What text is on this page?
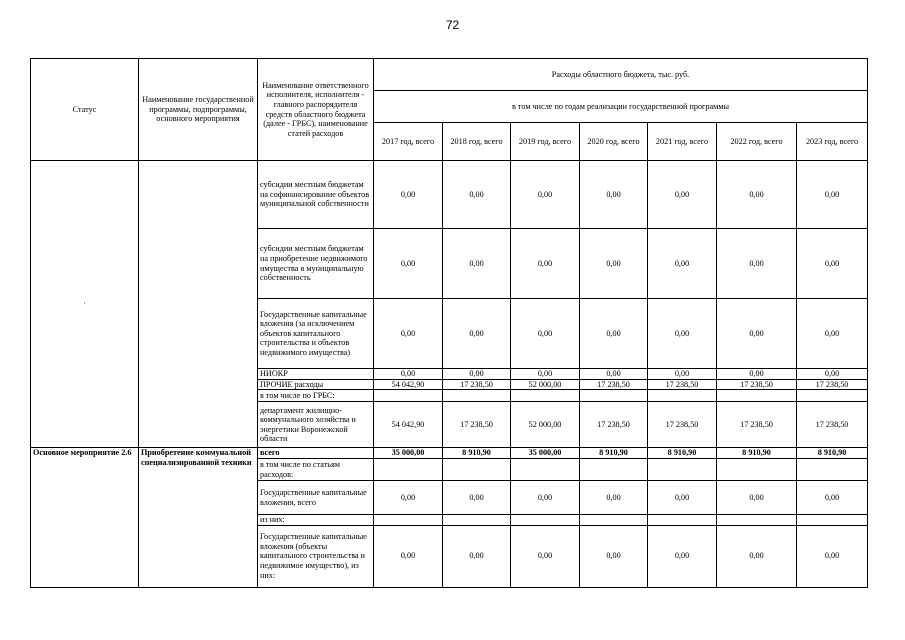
72
Статус	Наименование государственной программы, подпрограммы, основного мероприятия	Наименование ответственного исполнителя, исполнителя - главного распорядителя средств областного бюджета (далее - ГРБС), наименование статей расходов	Расходы областного бюджета, тыс. руб.						
			в том числе по годам реализации государственной программы						
			2017 год, всего	2018 год, всего	2019 год, всего	2020 год, всего	2021 год, всего	2022 год, всего	2023 год, всего
·		субсидии местным бюджетам на софинансирование объектов муниципальной собственности	0,00	0,00	0,00	0,00	0,00	0,00	0,00
		субсидии местным бюджетам на приобретение недвижимого имущества в муниципальную собственность	0,00	0,00	0,00	0,00	0,00	0,00	0,00
		Государственные капитальные вложения (за исключением объектов капитального строительства и объектов недвижимого имущества)	0,00	0,00	0,00	0,00	0,00	0,00	0,00
		НИОКР	0,00	0,00	0,00	0,00	0,00	0,00	0,00
		ПРОЧИЕ расходы	54 042,90	17 238,50	52 000,00	17 238,50	17 238,50	17 238,50	17 238,50
		в том числе по ГРБС:							
		департамент жилищно-коммунального хозяйства и энергетики Воронежской области	54 042,90	17 238,50	52 000,00	17 238,50	17 238,50	17 238,50	17 238,50
Основное мероприятие 2.6	Приобретение коммунальной специализированной техники	всего	35 000,00	8 910,90	35 000,00	8 910,90	8 910,90	8 910,90	8 910,90
		в том числе по статьям расходов:							
		Государственные капитальные вложения, всего	0,00	0,00	0,00	0,00	0,00	0,00	0,00
		из них:							
		Государственные капитальные вложения (объекты капитального строительства и недвижимое имущество), из них:	0,00	0,00	0,00	0,00	0,00	0,00	0,00
